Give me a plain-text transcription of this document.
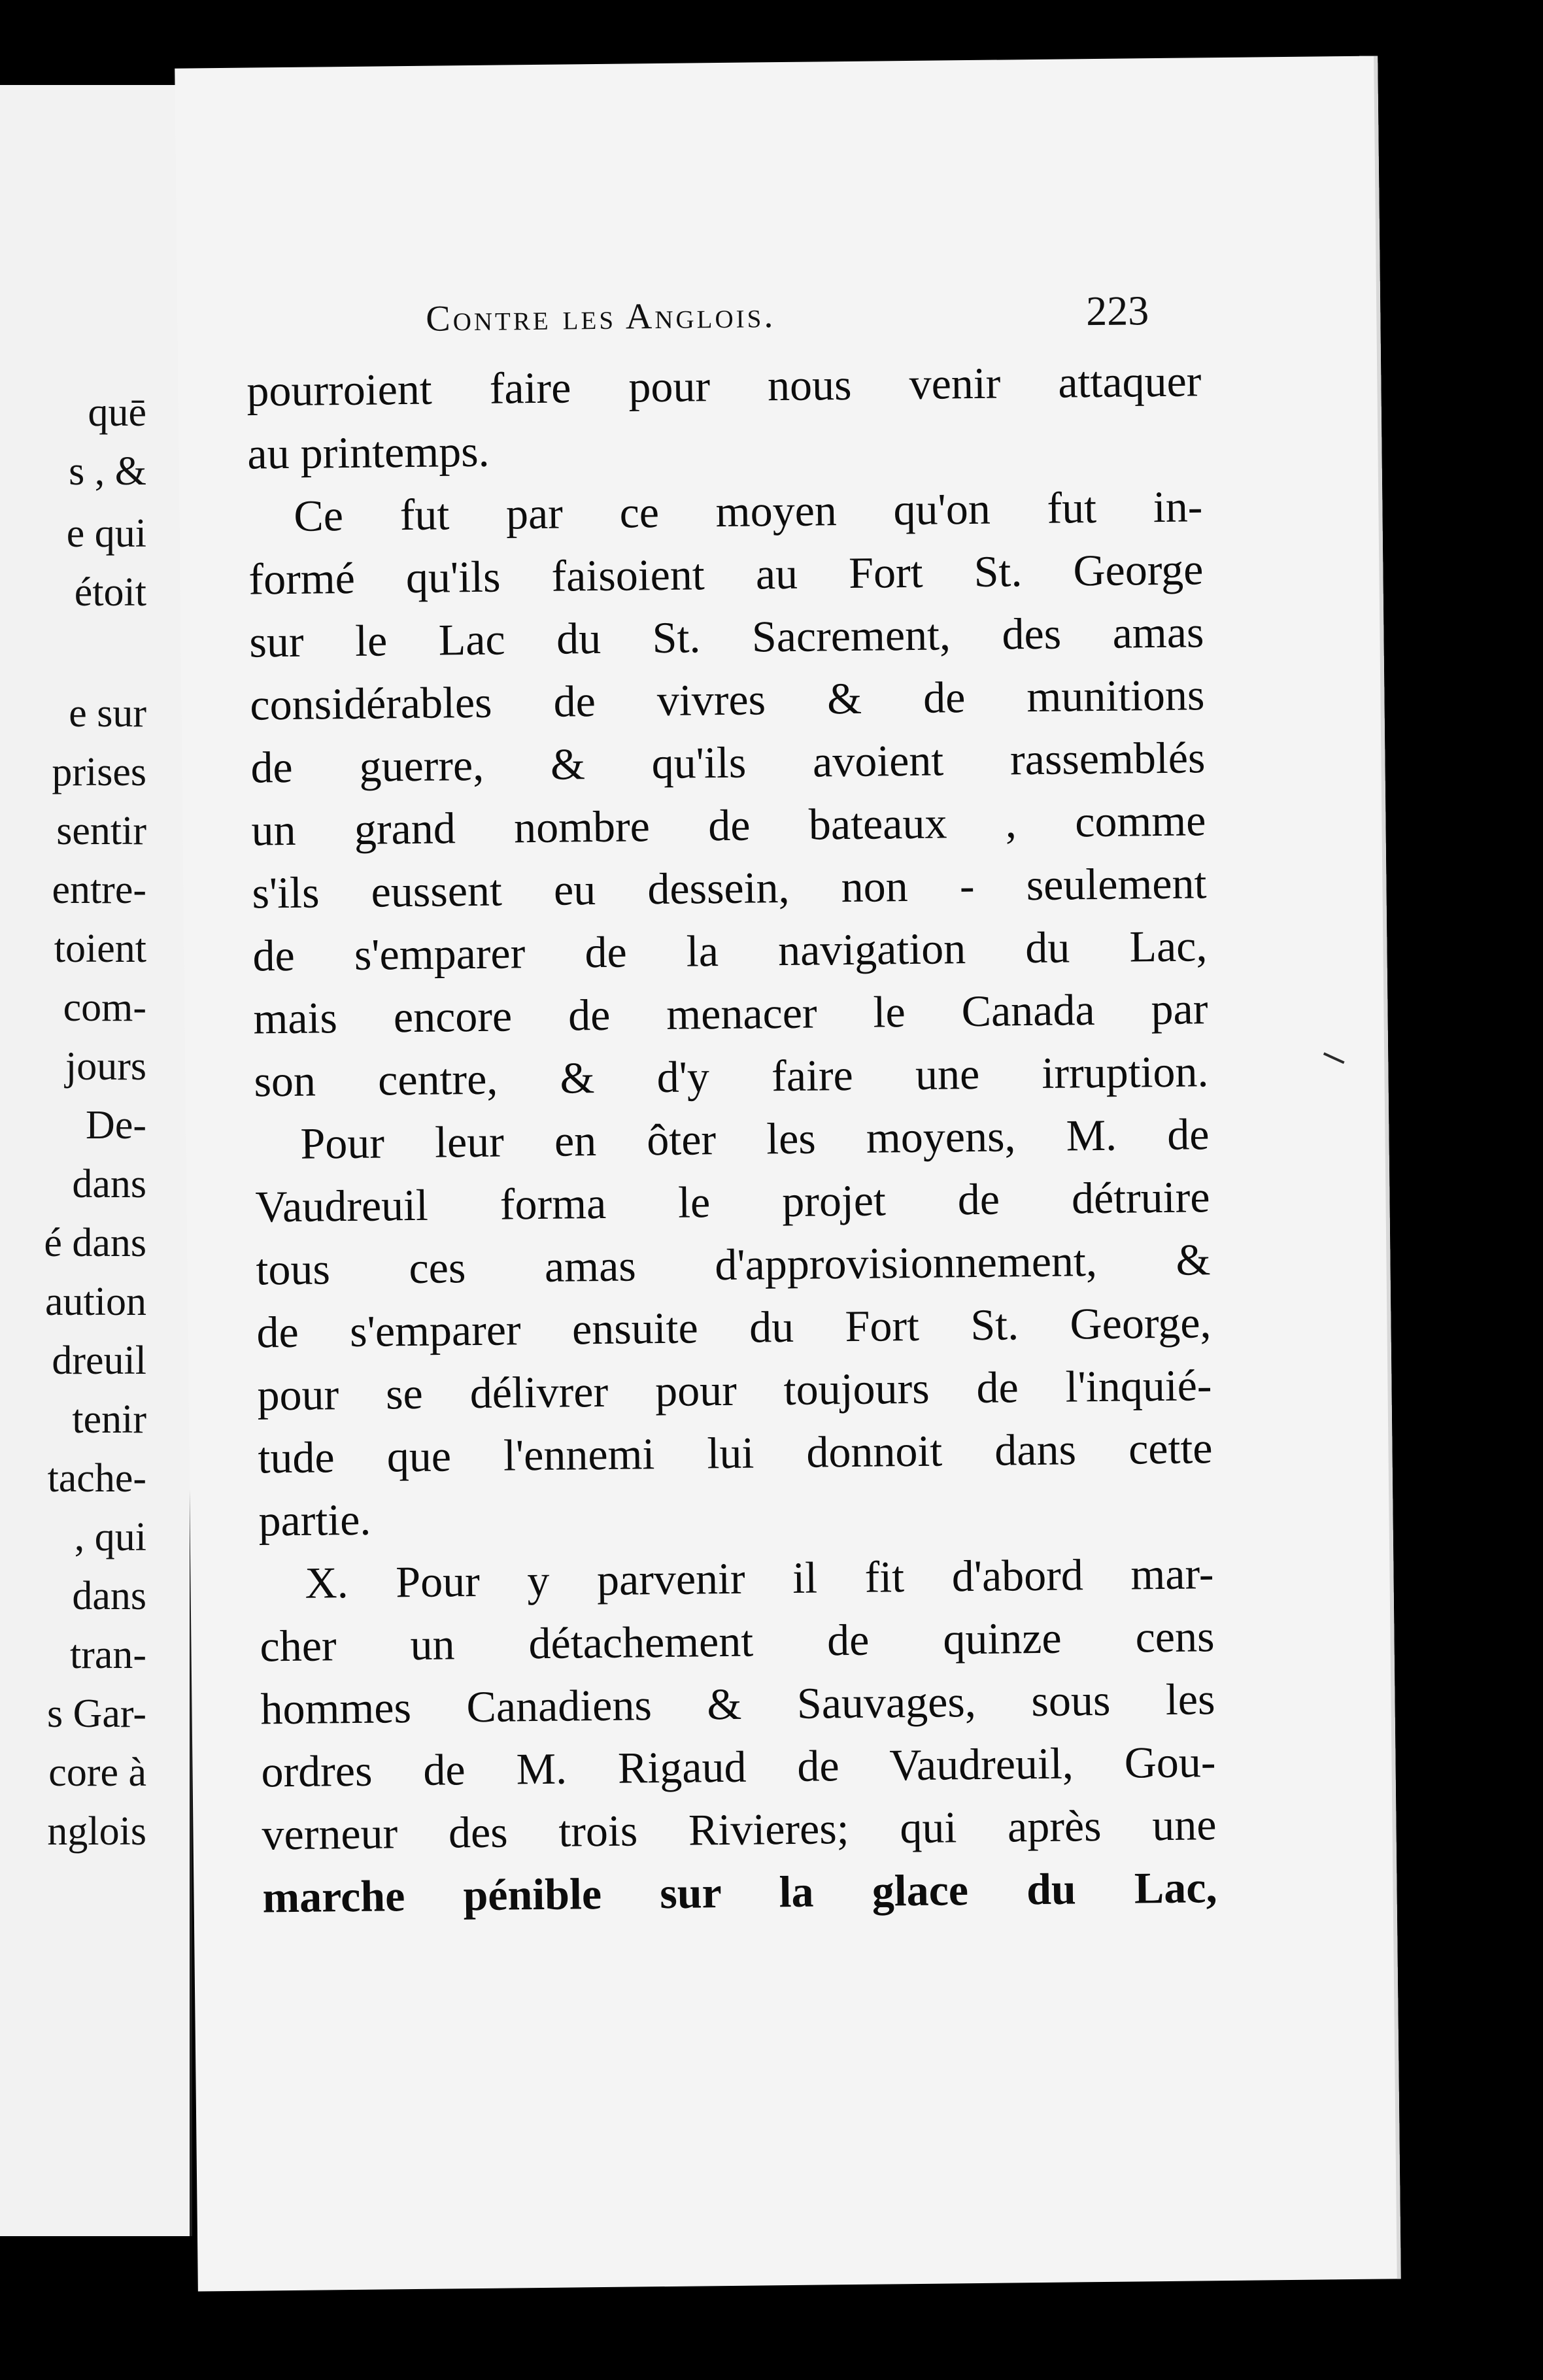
quē
s , &
e qui
étoit
e sur
prises
sentir
entre-
toient
com-
jours
De-
dans
é dans
aution
dreuil
tenir
tache-
, qui
dans
tran-
s Gar-
core à
nglois
Contre les Anglois.	223
pourroient faire pour nous venir attaquer
au printemps.
Ce fut par ce moyen qu'on fut in-
formé qu'ils faisoient au Fort St. George
sur le Lac du St. Sacrement, des amas
considérables de vivres & de munitions
de guerre, & qu'ils avoient rassemblés
un grand nombre de bateaux , comme
s'ils eussent eu dessein, non - seulement
de s'emparer de la navigation du Lac,
mais encore de menacer le Canada par
son centre, & d'y faire une irruption.
Pour leur en ôter les moyens, M. de
Vaudreuil forma le projet de détruire
tous ces amas d'approvisionnement, &
de s'emparer ensuite du Fort St. George,
pour se délivrer pour toujours de l'inquié-
tude que l'ennemi lui donnoit dans cette
partie.
X. Pour y parvenir il fit d'abord mar-
cher un détachement de quinze cens
hommes Canadiens & Sauvages, sous les
ordres de M. Rigaud de Vaudreuil, Gou-
verneur des trois Rivieres; qui après une
marche pénible sur la glace du Lac,
